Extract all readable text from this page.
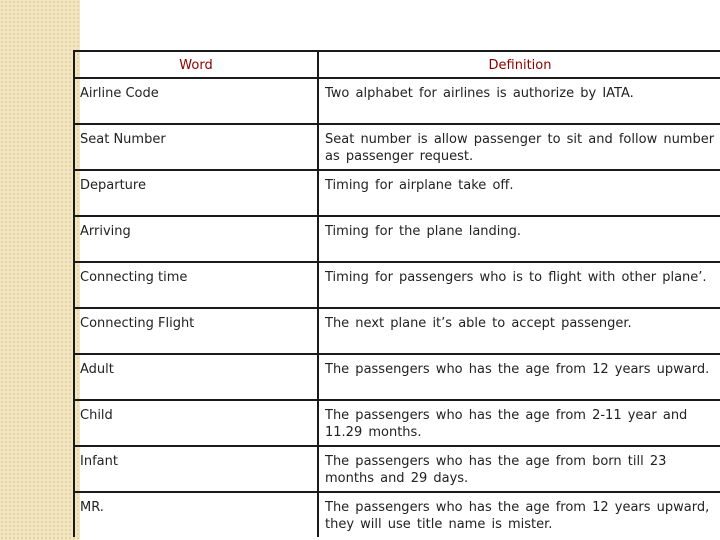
Word	Definition

Airline Code	Two alphabet for airlines is authorize by IATA.

Seat Number	Seat number is allow passenger to sit and follow number as passenger request.

Departure	Timing for airplane take off.

Arriving	Timing for the plane landing.

Connecting time	Timing for passengers who is to flight with other plane’.

Connecting Flight	The next plane it’s able to accept passenger.

Adult	The passengers who has the age from 12 years upward.

Child	The passengers who has the age from 2-11 year and 11.29 months.

Infant	The passengers who has the age from born till 23 months and 29 days.

MR.	The passengers who has the age from 12 years upward, they will use title name is mister.
